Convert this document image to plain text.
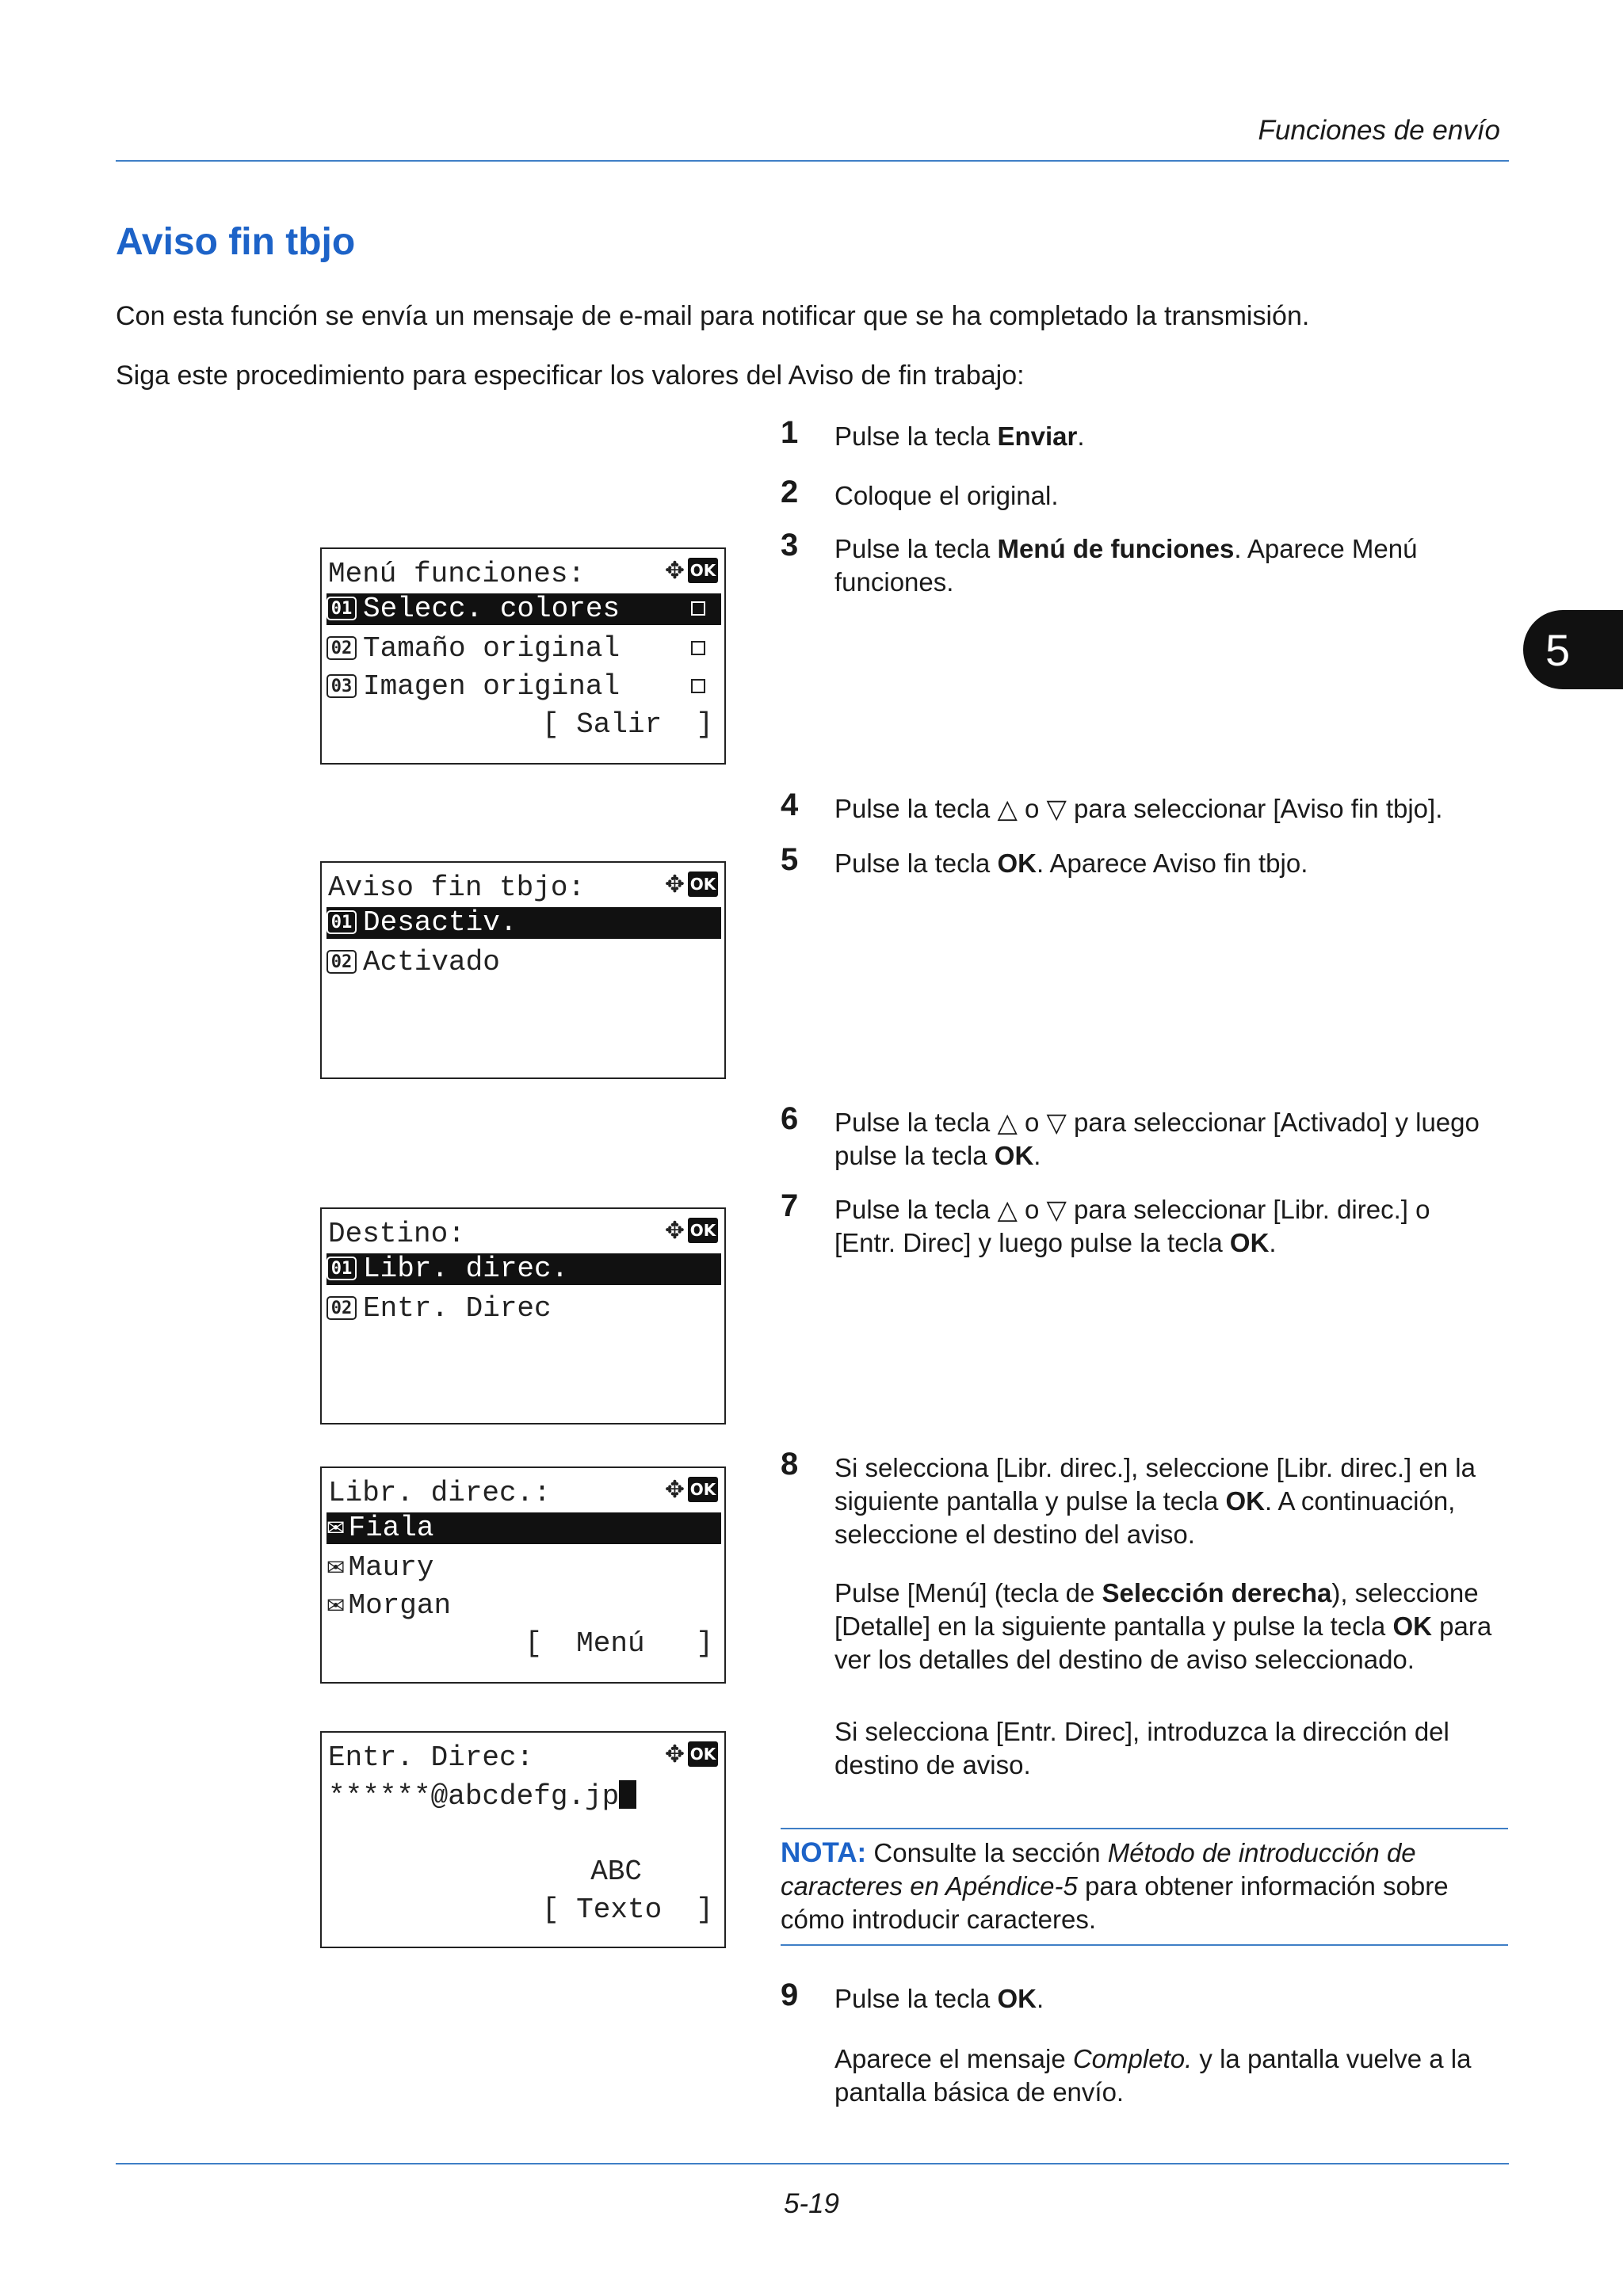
Funciones de envío
Aviso fin tbjo
Con esta función se envía un mensaje de e-mail para notificar que se ha completado la transmisión.
Siga este procedimiento para especificar los valores del Aviso de fin trabajo:
5
1 Pulse la tecla Enviar.
2 Coloque el original.
3 Pulse la tecla Menú de funciones. Aparece Menú funciones.
4 Pulse la tecla △ o ▽ para seleccionar [Aviso fin tbjo].
5 Pulse la tecla OK. Aparece Aviso fin tbjo.
6 Pulse la tecla △ o ▽ para seleccionar [Activado] y luego pulse la tecla OK.
7 Pulse la tecla △ o ▽ para seleccionar [Libr. direc.] o [Entr. Direc] y luego pulse la tecla OK.
8 Si selecciona [Libr. direc.], seleccione [Libr. direc.] en la siguiente pantalla y pulse la tecla OK. A continuación, seleccione el destino del aviso.
Pulse [Menú] (tecla de Selección derecha), seleccione [Detalle] en la siguiente pantalla y pulse la tecla OK para ver los detalles del destino de aviso seleccionado.
Si selecciona [Entr. Direc], introduzca la dirección del destino de aviso.
NOTA: Consulte la sección Método de introducción de caracteres en Apéndice-5 para obtener información sobre cómo introducir caracteres.
9 Pulse la tecla OK.
Aparece el mensaje Completo. y la pantalla vuelve a la pantalla básica de envío.
Menú funciones:	✥ OK
01 Selecc. colores
02 Tamaño original
03 Imagen original
[ Salir  ]
Aviso fin tbjo:	✥ OK
01 Desactiv.
02 Activado
Destino:	✥ OK
01 Libr. direc.
02 Entr. Direc
Libr. direc.:	✥ OK
✉ Fiala
✉ Maury
✉ Morgan
[  Menú   ]
Entr. Direc:	✥ OK
******@abcdefg.jp
ABC
[ Texto  ]
5-19
